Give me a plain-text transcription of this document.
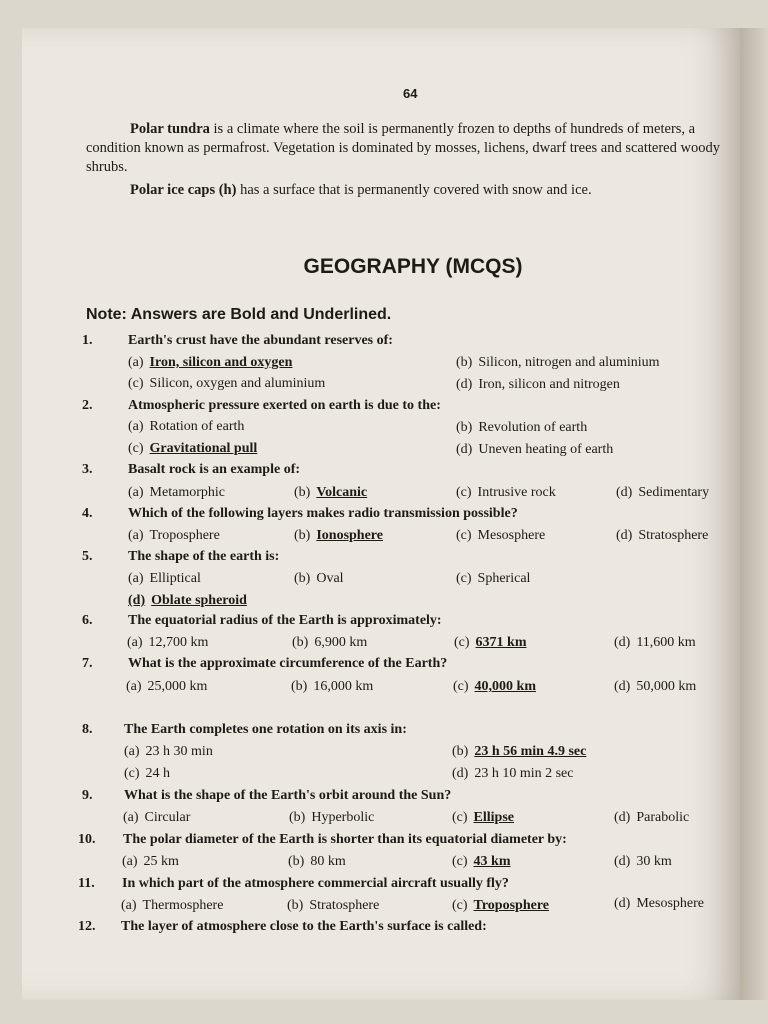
64

Polar tundra is a climate where the soil is permanently frozen to depths of hundreds of meters, a condition known as permafrost. Vegetation is dominated by mosses, lichens, dwarf trees and scattered woody shrubs.

Polar ice caps (h) has a surface that is permanently covered with snow and ice.

GEOGRAPHY (MCQS)
Note: Answers are Bold and Underlined.
1.	Earth's crust have the abundant reserves of:
(a) Iron, silicon and oxygen	(b) Silicon, nitrogen and aluminium
(c) Silicon, oxygen and aluminium	(d) Iron, silicon and nitrogen
2.	Atmospheric pressure exerted on earth is due to the:
(a) Rotation of earth	(b) Revolution of earth
(c) Gravitational pull	(d) Uneven heating of earth
3.	Basalt rock is an example of:
(a) Metamorphic	(b) Volcanic	(c) Intrusive rock	(d) Sedimentary
4.	Which of the following layers makes radio transmission possible?
(a) Troposphere	(b) Ionosphere	(c) Mesosphere	(d) Stratosphere
5.	The shape of the earth is:
(a) Elliptical	(b) Oval	(c) Spherical
(d) Oblate spheroid
6.	The equatorial radius of the Earth is approximately:
(a) 12,700 km	(b) 6,900 km	(c) 6371 km	(d) 11,600 km
7.	What is the approximate circumference of the Earth?
(a) 25,000 km	(b) 16,000 km	(c) 40,000 km	(d) 50,000 km
8. The Earth completes one rotation on its axis in:
(a) 23 h 30 min	(b) 23 h 56 min 4.9 sec
(c) 24 h	(d) 23 h 10 min 2 sec
9. What is the shape of the Earth's orbit around the Sun?
(a) Circular	(b) Hyperbolic	(c) Ellipse	(d) Parabolic
10. The polar diameter of the Earth is shorter than its equatorial diameter by:
(a) 25 km	(b) 80 km	(c) 43 km	(d) 30 km
11. In which part of the atmosphere commercial aircraft usually fly?
(a) Thermosphere	(b) Stratosphere	(c) Troposphere	(d) Mesosphere
12. The layer of atmosphere close to the Earth's surface is called:
